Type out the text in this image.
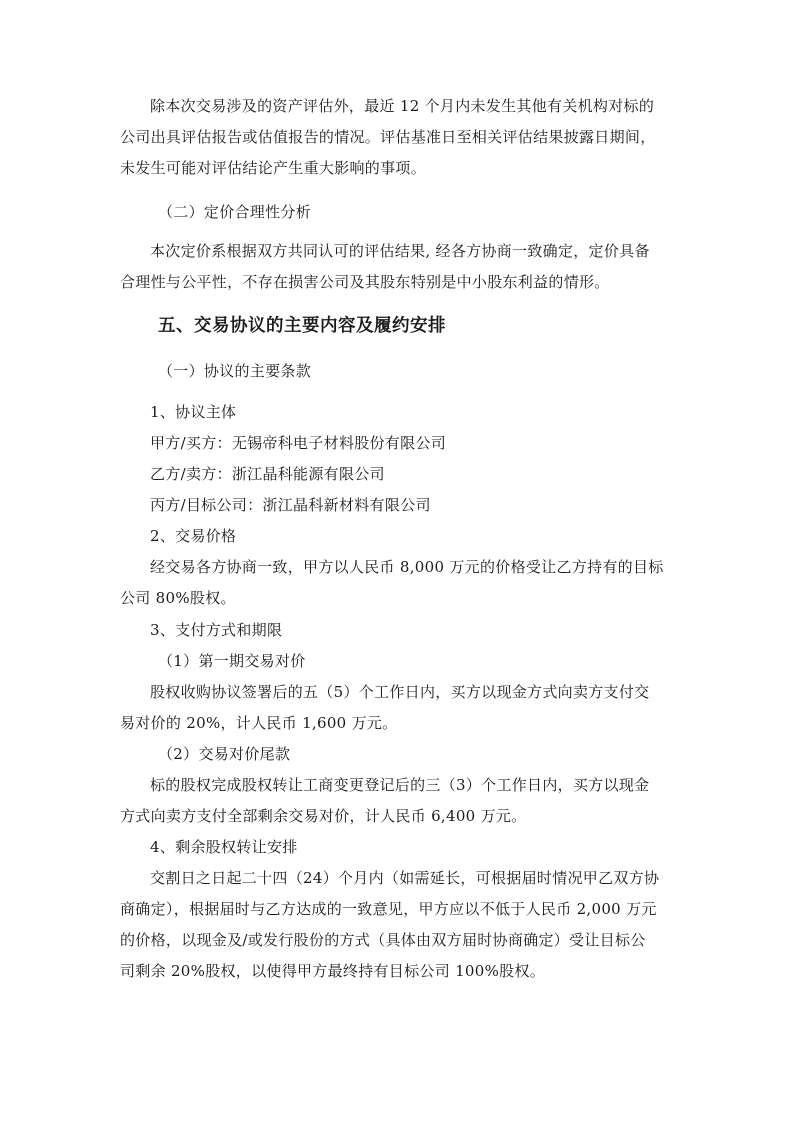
除本次交易涉及的资产评估外，最近 12 个月内未发生其他有关机构对标的

公司出具评估报告或估值报告的情况。评估基准日至相关评估结果披露日期间，

未发生可能对评估结论产生重大影响的事项。

（二）定价合理性分析

本次定价系根据双方共同认可的评估结果, 经各方协商一致确定，定价具备

合理性与公平性，不存在损害公司及其股东特别是中小股东利益的情形。

五、交易协议的主要内容及履约安排

（一）协议的主要条款

1、协议主体

甲方/买方：无锡帝科电子材料股份有限公司

乙方/卖方：浙江晶科能源有限公司

丙方/目标公司：浙江晶科新材料有限公司

2、交易价格

经交易各方协商一致，甲方以人民币 8,000 万元的价格受让乙方持有的目标

公司 80%股权。

3、支付方式和期限

（1）第一期交易对价

股权收购协议签署后的五（5）个工作日内，买方以现金方式向卖方支付交

易对价的 20%，计人民币 1,600 万元。

（2）交易对价尾款

标的股权完成股权转让工商变更登记后的三（3）个工作日内，买方以现金

方式向卖方支付全部剩余交易对价，计人民币 6,400 万元。

4、剩余股权转让安排

交割日之日起二十四（24）个月内（如需延长，可根据届时情况甲乙双方协

商确定），根据届时与乙方达成的一致意见，甲方应以不低于人民币 2,000 万元

的价格，以现金及/或发行股份的方式（具体由双方届时协商确定）受让目标公

司剩余 20%股权，以使得甲方最终持有目标公司 100%股权。
